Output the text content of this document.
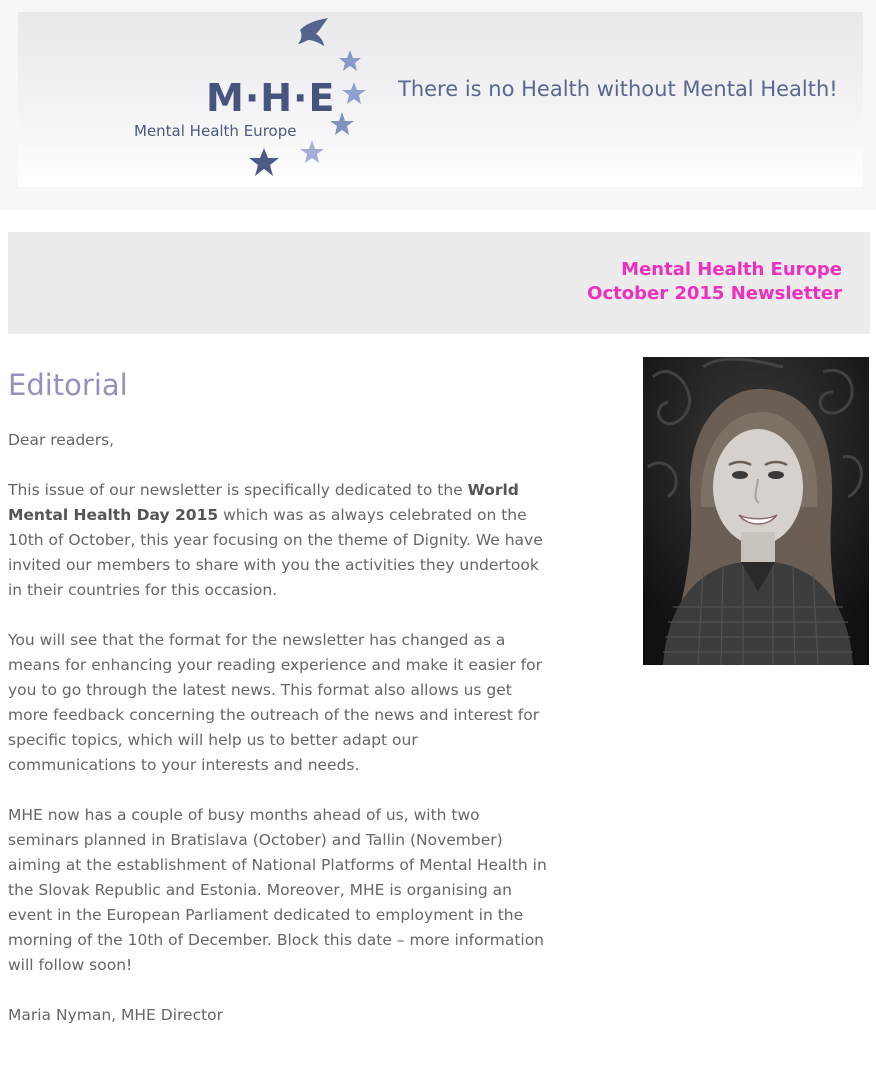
M·H·E
Mental Health Europe
There is no Health without Mental Health!
Mental Health Europe
October 2015 Newsletter
Editorial

Dear readers,

This issue of our newsletter is specifically dedicated to the World Mental Health Day 2015 which was as always celebrated on the 10th of October, this year focusing on the theme of Dignity. We have invited our members to share with you the activities they undertook in their countries for this occasion.

You will see that the format for the newsletter has changed as a means for enhancing your reading experience and make it easier for you to go through the latest news. This format also allows us get more feedback concerning the outreach of the news and interest for specific topics, which will help us to better adapt our communications to your interests and needs.

MHE now has a couple of busy months ahead of us, with two seminars planned in Bratislava (October) and Tallin (November) aiming at the establishment of National Platforms of Mental Health in the Slovak Republic and Estonia. Moreover, MHE is organising an event in the European Parliament dedicated to employment in the morning of the 10th of December. Block this date – more information will follow soon!

Maria Nyman, MHE Director
